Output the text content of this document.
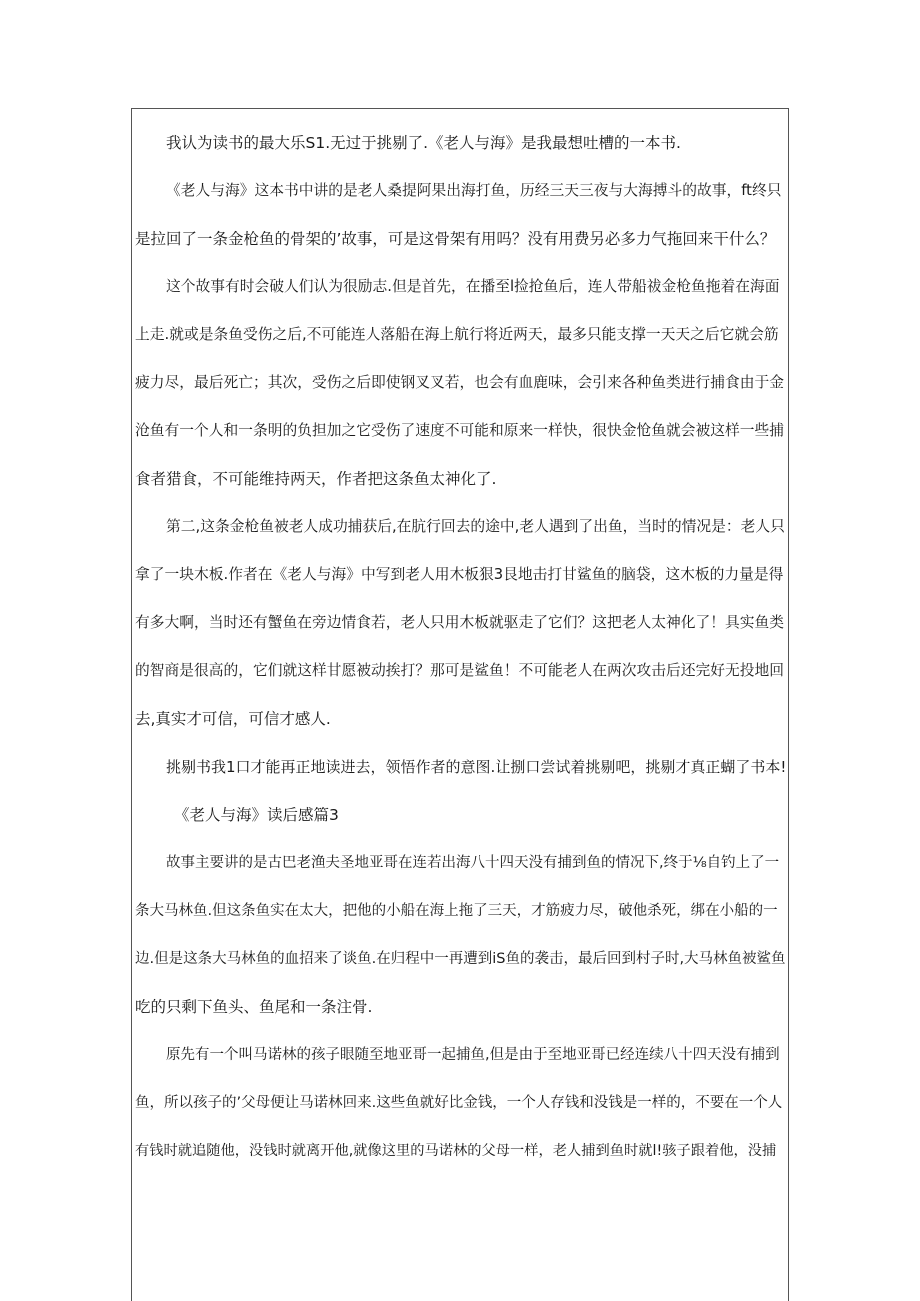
我认为读书的最大乐S1.无过于挑剔了.《老人与海》是我最想吐槽的一本书.
《老人与海》这本书中讲的是老人桑提阿果出海打鱼，历经三天三夜与大海搏斗的故事，ft终只
是拉回了一条金枪鱼的骨架的’故事，可是这骨架有用吗？没有用费另必多力气拖回来干什么？
这个故事有时会破人们认为很励志.但是首先，在播至l捡抢鱼后，连人带船祓金枪鱼拖着在海面
上走.就或是条鱼受伤之后,不可能连人落船在海上航行将近两天，最多只能支撑一天天之后它就会筋
疲力尽，最后死亡；其次，受伤之后即使钢叉叉若，也会有血鹿味，会引来各种鱼类进行捕食由于金
沧鱼有一个人和一条明的负担加之它受伤了速度不可能和原来一样快，很快金怆鱼就会被这样一些捕
食者猎食，不可能维持两天，作者把这条鱼太神化了.
第二,这条金枪鱼被老人成功捕获后,在肮行回去的途中,老人遇到了出鱼，当时的情况是：老人只
拿了一块木板.作者在《老人与海》中写到老人用木板狠3艮地击打甘鲨鱼的脑袋，这木板的力量是得
有多大啊，当时还有蟹鱼在旁边情食若，老人只用木板就驱走了它们？这把老人太神化了！具实鱼类
的智商是很高的，它们就这样甘愿被动挨打？那可是鲨鱼！不可能老人在两次攻击后还完好无投地回
去,真实才可信，可信才感人.
挑剔书我1口才能再正地读进去，领悟作者的意图.让捌口尝试着挑剔吧，挑剔才真正蝴了书本!
《老人与海》读后感篇3
故事主要讲的是古巴老渔夫圣地亚哥在连若出海八十四天没有捕到鱼的情况下,终于⅛自钓上了一
条大马林鱼.但这条鱼实在太大，把他的小船在海上拖了三天，才筋疲力尽，破他杀死，绑在小船的一
边.但是这条大马林鱼的血招来了谈鱼.在归程中一再遭到iS鱼的袭击，最后回到村子时,大马林鱼被鲨鱼
吃的只剩下鱼头、鱼尾和一条注骨.
原先有一个叫马诺林的孩子眼随至地亚哥一起捕鱼,但是由于至地亚哥已经连续八十四天没有捕到
鱼，所以孩子的’父母便让马诺林回来.这些鱼就好比金钱，一个人存钱和没钱是一样的，不要在一个人
有钱时就追随他，没钱时就离开他,就像这里的马诺林的父母一样，老人捕到鱼时就l!骇子跟着他，没捕
